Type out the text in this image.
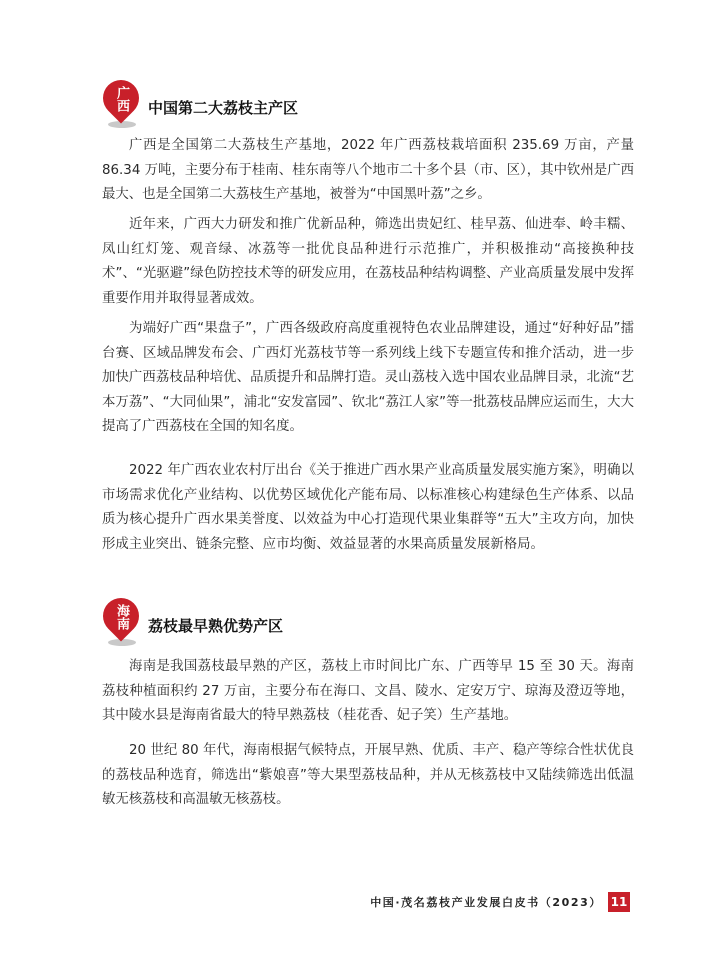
广西	中国第二大荔枝主产区

广西是全国第二大荔枝生产基地，2022 年广西荔枝栽培面积 235.69 万亩，产量 86.34 万吨，主要分布于桂南、桂东南等八个地市二十多个县（市、区），其中钦州是广西最大、也是全国第二大荔枝生产基地，被誉为“中国黑叶荔”之乡。

近年来，广西大力研发和推广优新品种，筛选出贵妃红、桂早荔、仙进奉、岭丰糯、凤山红灯笼、观音绿、冰荔等一批优良品种进行示范推广，并积极推动“高接换种技术”、“光驱避”绿色防控技术等的研发应用，在荔枝品种结构调整、产业高质量发展中发挥重要作用并取得显著成效。

为端好广西“果盘子”，广西各级政府高度重视特色农业品牌建设，通过“好种好品”擂台赛、区域品牌发布会、广西灯光荔枝节等一系列线上线下专题宣传和推介活动，进一步加快广西荔枝品种培优、品质提升和品牌打造。灵山荔枝入选中国农业品牌目录，北流“艺本万荔”、“大同仙果”，浦北“安发富园”、钦北“荔江人家”等一批荔枝品牌应运而生，大大提高了广西荔枝在全国的知名度。

2022 年广西农业农村厅出台《关于推进广西水果产业高质量发展实施方案》，明确以市场需求优化产业结构、以优势区域优化产能布局、以标准核心构建绿色生产体系、以品质为核心提升广西水果美誉度、以效益为中心打造现代果业集群等“五大”主攻方向，加快形成主业突出、链条完整、应市均衡、效益显著的水果高质量发展新格局。

海南	荔枝最早熟优势产区

海南是我国荔枝最早熟的产区，荔枝上市时间比广东、广西等早 15 至 30 天。海南荔枝种植面积约 27 万亩，主要分布在海口、文昌、陵水、定安万宁、琼海及澄迈等地，其中陵水县是海南省最大的特早熟荔枝（桂花香、妃子笑）生产基地。

20 世纪 80 年代，海南根据气候特点，开展早熟、优质、丰产、稳产等综合性状优良的荔枝品种选育，筛选出“紫娘喜”等大果型荔枝品种，并从无核荔枝中又陆续筛选出低温敏无核荔枝和高温敏无核荔枝。

中国·茂名荔枝产业发展白皮书（2023） 11
